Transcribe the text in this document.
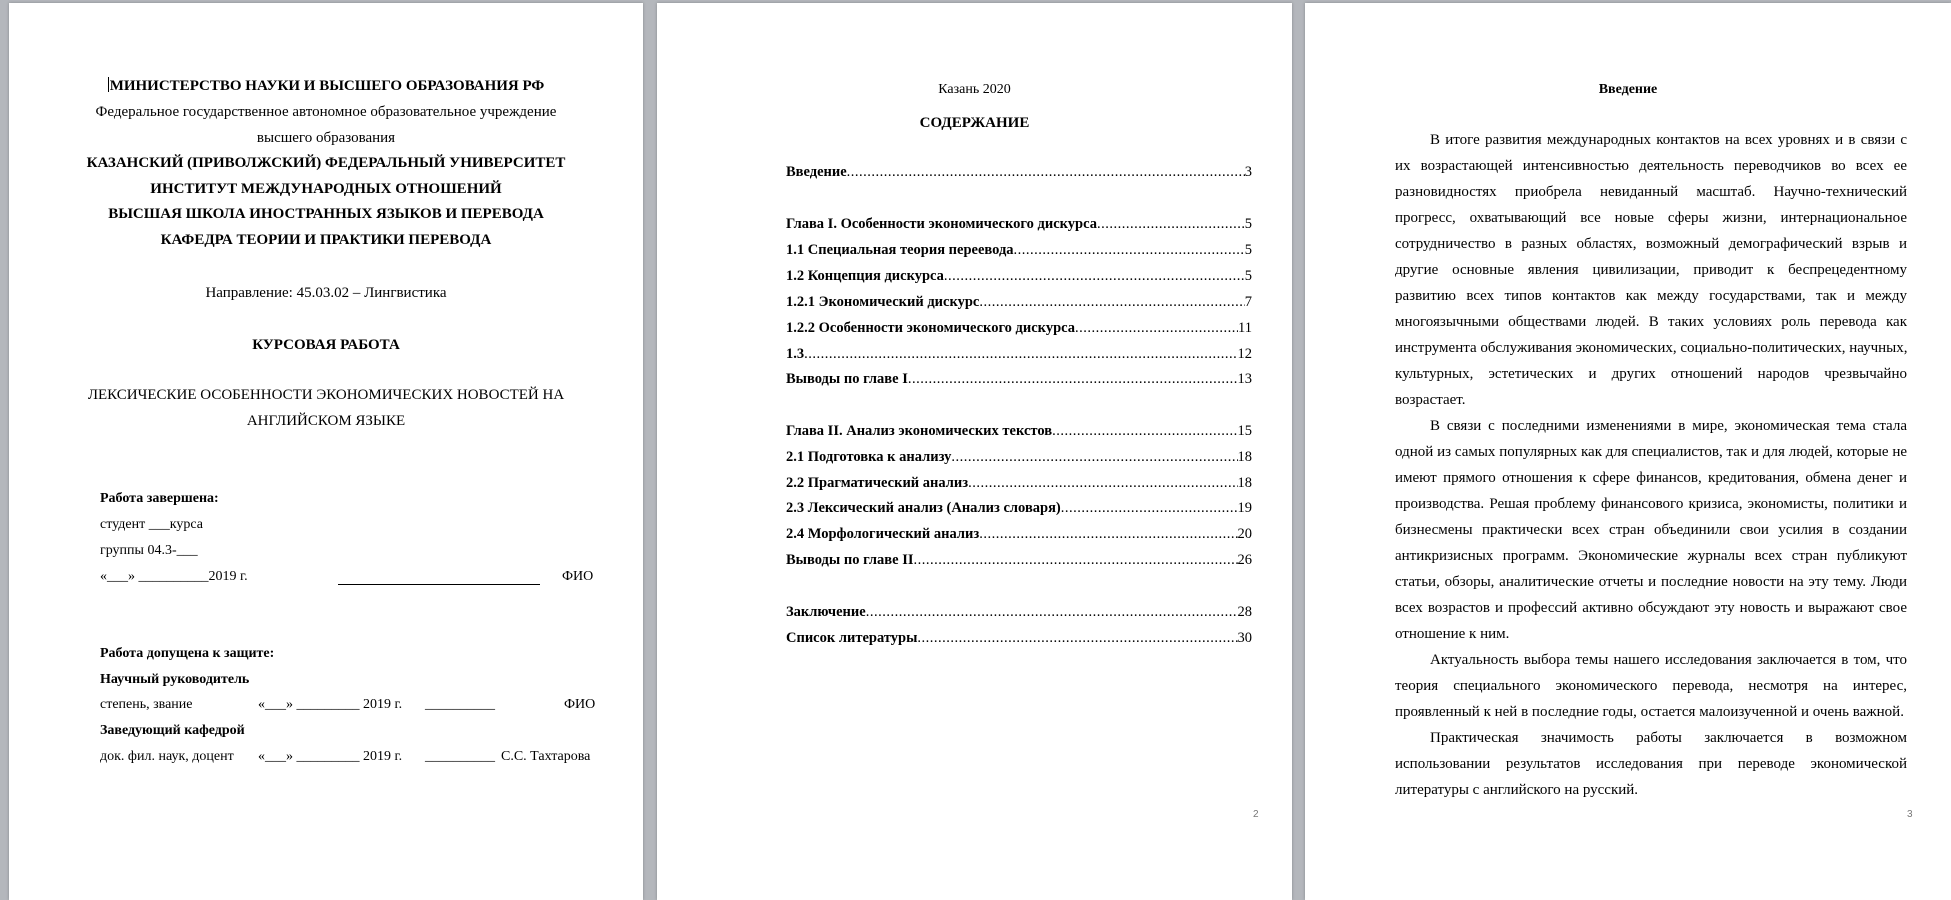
МИНИСТЕРСТВО НАУКИ И ВЫСШЕГО ОБРАЗОВАНИЯ РФ
Федеральное государственное автономное образовательное учреждение
высшего образования
КАЗАНСКИЙ (ПРИВОЛЖСКИЙ) ФЕДЕРАЛЬНЫЙ УНИВЕРСИТЕТ
ИНСТИТУТ МЕЖДУНАРОДНЫХ ОТНОШЕНИЙ
ВЫСШАЯ ШКОЛА ИНОСТРАННЫХ ЯЗЫКОВ И ПЕРЕВОДА
КАФЕДРА ТЕОРИИ И ПРАКТИКИ ПЕРЕВОДА
Направление: 45.03.02 – Лингвистика
КУРСОВАЯ РАБОТА
ЛЕКСИЧЕСКИЕ ОСОБЕННОСТИ ЭКОНОМИЧЕСКИХ НОВОСТЕЙ НА
АНГЛИЙСКОМ ЯЗЫКЕ
Работа завершена:
студент ___курса
группы 04.3-___
«___» __________2019 г.	ФИО
Работа допущена к защите:
Научный руководитель
степень, звание	«___» _________ 2019 г. __________	ФИО
Заведующий кафедрой
док. фил. наук, доцент «___» _________ 2019 г. __________ С.С. Тахтарова
Казань 2020
СОДЕРЖАНИЕ
Введение .....	3
Глава I. Особенности экономического дискурса .....	5
1.1 Специальная теория переевода .....	5
1.2 Концепция дискурса .....	5
1.2.1 Экономический дискурс .....	7
1.2.2 Особенности экономического дискурса .....	11
1.3 .....	12
Выводы по главе I .....	13
Глава II. Анализ экономических текстов .....	15
2.1 Подготовка к анализу .....	18
2.2 Прагматический анализ .....	18
2.3 Лексический анализ (Анализ словаря) .....	19
2.4 Морфологический анализ .....	20
Выводы по главе II .....	26
Заключение .....	28
Список литературы .....	30
2
Введение
В итоге развития международных контактов на всех уровнях и в связи с
их возрастающей интенсивностью деятельность переводчиков во всех ее
разновидностях приобрела невиданный масштаб. Научно-технический
прогресс, охватывающий все новые сферы жизни, интернациональное
сотрудничество в разных областях, возможный демографический взрыв и
другие основные явления цивилизации, приводит к беспрецедентному
развитию всех типов контактов как между государствами, так и между
многоязычными обществами людей. В таких условиях роль перевода как
инструмента обслуживания экономических, социально-политических, научных,
культурных, эстетических и других отношений народов чрезвычайно
возрастает.
В связи с последними изменениями в мире, экономическая тема стала
одной из самых популярных как для специалистов, так и для людей, которые не
имеют прямого отношения к сфере финансов, кредитования, обмена денег и
производства. Решая проблему финансового кризиса, экономисты, политики и
бизнесмены практически всех стран объединили свои усилия в создании
антикризисных программ. Экономические журналы всех стран публикуют
статьи, обзоры, аналитические отчеты и последние новости на эту тему. Люди
всех возрастов и профессий активно обсуждают эту новость и выражают свое
отношение к ним.
Актуальность выбора темы нашего исследования заключается в том, что
теория специального экономического перевода, несмотря на интерес,
проявленный к ней в последние годы, остается малоизученной и очень важной.
Практическая значимость работы заключается в возможном
использовании результатов исследования при переводе экономической
литературы с английского на русский.
3
